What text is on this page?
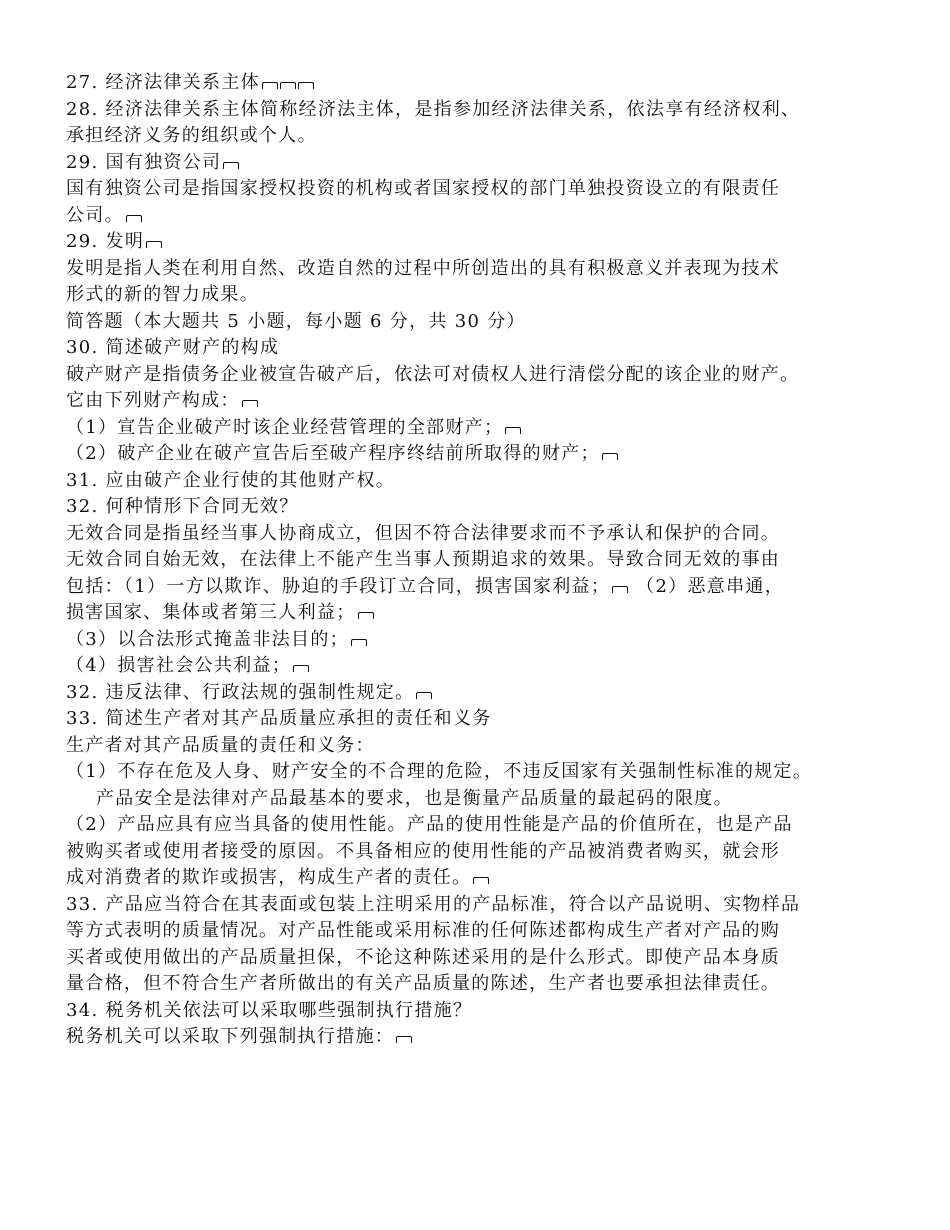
27. 经济法律关系主体
28. 经济法律关系主体简称经济法主体，是指参加经济法律关系，依法享有经济权利、
承担经济义务的组织或个人。
29. 国有独资公司
国有独资公司是指国家授权投资的机构或者国家授权的部门单独投资设立的有限责任
公司。
29. 发明
发明是指人类在利用自然、改造自然的过程中所创造出的具有积极意义并表现为技术
形式的新的智力成果。
简答题（本大题共 5 小题，每小题 6 分，共 30 分）
30. 简述破产财产的构成
破产财产是指债务企业被宣告破产后，依法可对债权人进行清偿分配的该企业的财产。
它由下列财产构成：
（1）宣告企业破产时该企业经营管理的全部财产；
（2）破产企业在破产宣告后至破产程序终结前所取得的财产；
31. 应由破产企业行使的其他财产权。
32. 何种情形下合同无效？
无效合同是指虽经当事人协商成立，但因不符合法律要求而不予承认和保护的合同。
无效合同自始无效，在法律上不能产生当事人预期追求的效果。导致合同无效的事由
包括：（1）一方以欺诈、胁迫的手段订立合同，损害国家利益； （2）恶意串通，
损害国家、集体或者第三人利益；
（3）以合法形式掩盖非法目的；
（4）损害社会公共利益；
32. 违反法律、行政法规的强制性规定。
33. 简述生产者对其产品质量应承担的责任和义务
生产者对其产品质量的责任和义务：
（1）不存在危及人身、财产安全的不合理的危险，不违反国家有关强制性标准的规定。
产品安全是法律对产品最基本的要求，也是衡量产品质量的最起码的限度。
（2）产品应具有应当具备的使用性能。产品的使用性能是产品的价值所在，也是产品
被购买者或使用者接受的原因。不具备相应的使用性能的产品被消费者购买，就会形
成对消费者的欺诈或损害，构成生产者的责任。
33. 产品应当符合在其表面或包装上注明采用的产品标准，符合以产品说明、实物样品
等方式表明的质量情况。对产品性能或采用标准的任何陈述都构成生产者对产品的购
买者或使用做出的产品质量担保，不论这种陈述采用的是什么形式。即使产品本身质
量合格，但不符合生产者所做出的有关产品质量的陈述，生产者也要承担法律责任。
34. 税务机关依法可以采取哪些强制执行措施？
税务机关可以采取下列强制执行措施：
